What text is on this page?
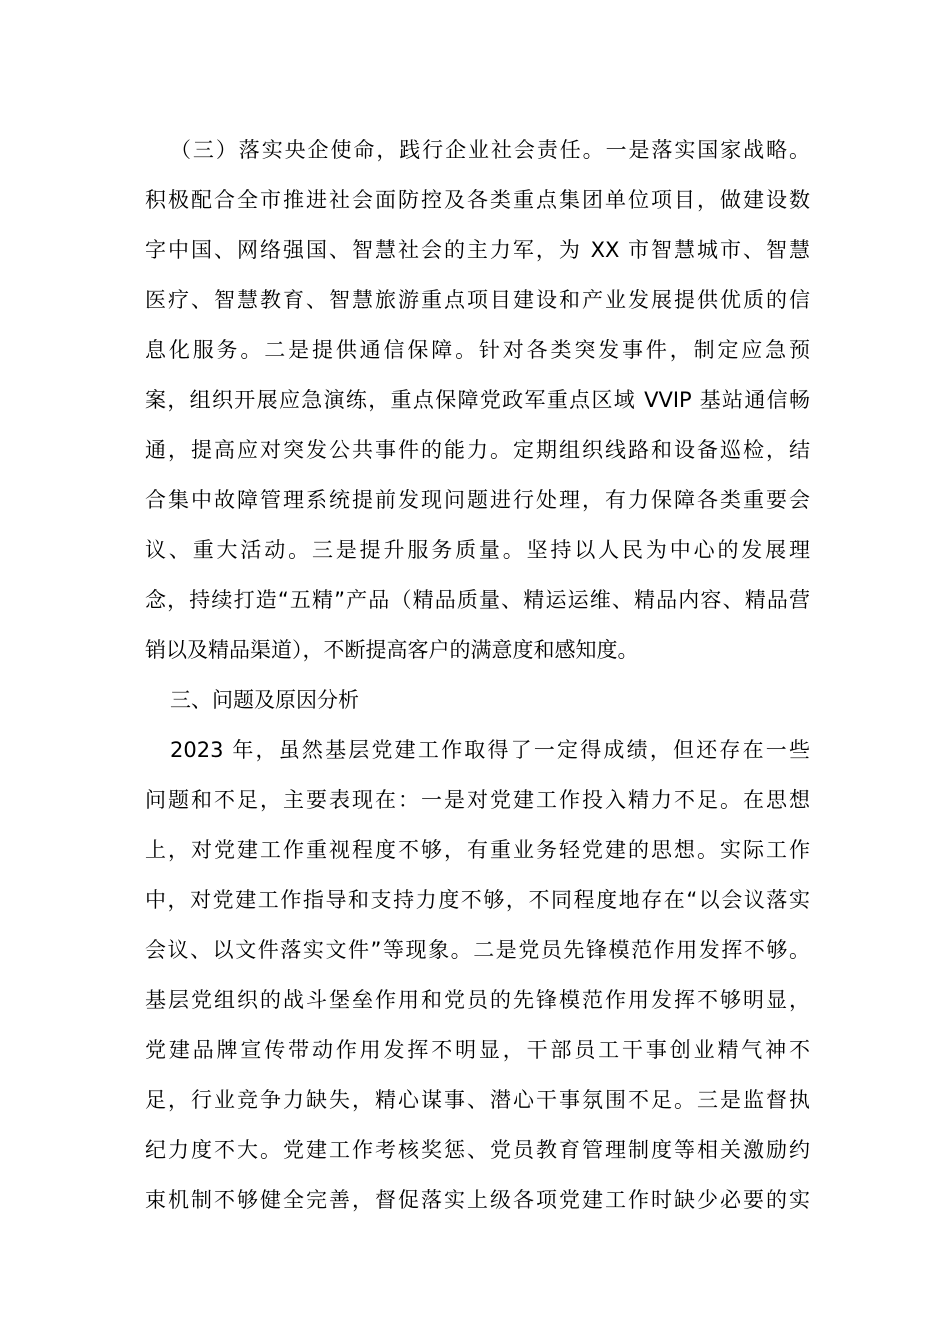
（三）落实央企使命，践行企业社会责任。一是落实国家战略。
积极配合全市推进社会面防控及各类重点集团单位项目，做建设数
字中国、网络强国、智慧社会的主力军，为 XX 市智慧城市、智慧
医疗、智慧教育、智慧旅游重点项目建设和产业发展提供优质的信
息化服务。二是提供通信保障。针对各类突发事件，制定应急预
案，组织开展应急演练，重点保障党政军重点区域 VVIP 基站通信畅
通，提高应对突发公共事件的能力。定期组织线路和设备巡检，结
合集中故障管理系统提前发现问题进行处理，有力保障各类重要会
议、重大活动。三是提升服务质量。坚持以人民为中心的发展理
念，持续打造“五精”产品（精品质量、精运运维、精品内容、精品营
销以及精品渠道），不断提高客户的满意度和感知度。
三、问题及原因分析
2023 年，虽然基层党建工作取得了一定得成绩，但还存在一些
问题和不足，主要表现在：一是对党建工作投入精力不足。在思想
上，对党建工作重视程度不够，有重业务轻党建的思想。实际工作
中，对党建工作指导和支持力度不够，不同程度地存在“以会议落实
会议、以文件落实文件”等现象。二是党员先锋模范作用发挥不够。
基层党组织的战斗堡垒作用和党员的先锋模范作用发挥不够明显，
党建品牌宣传带动作用发挥不明显，干部员工干事创业精气神不
足，行业竞争力缺失，精心谋事、潜心干事氛围不足。三是监督执
纪力度不大。党建工作考核奖惩、党员教育管理制度等相关激励约
束机制不够健全完善，督促落实上级各项党建工作时缺少必要的实
